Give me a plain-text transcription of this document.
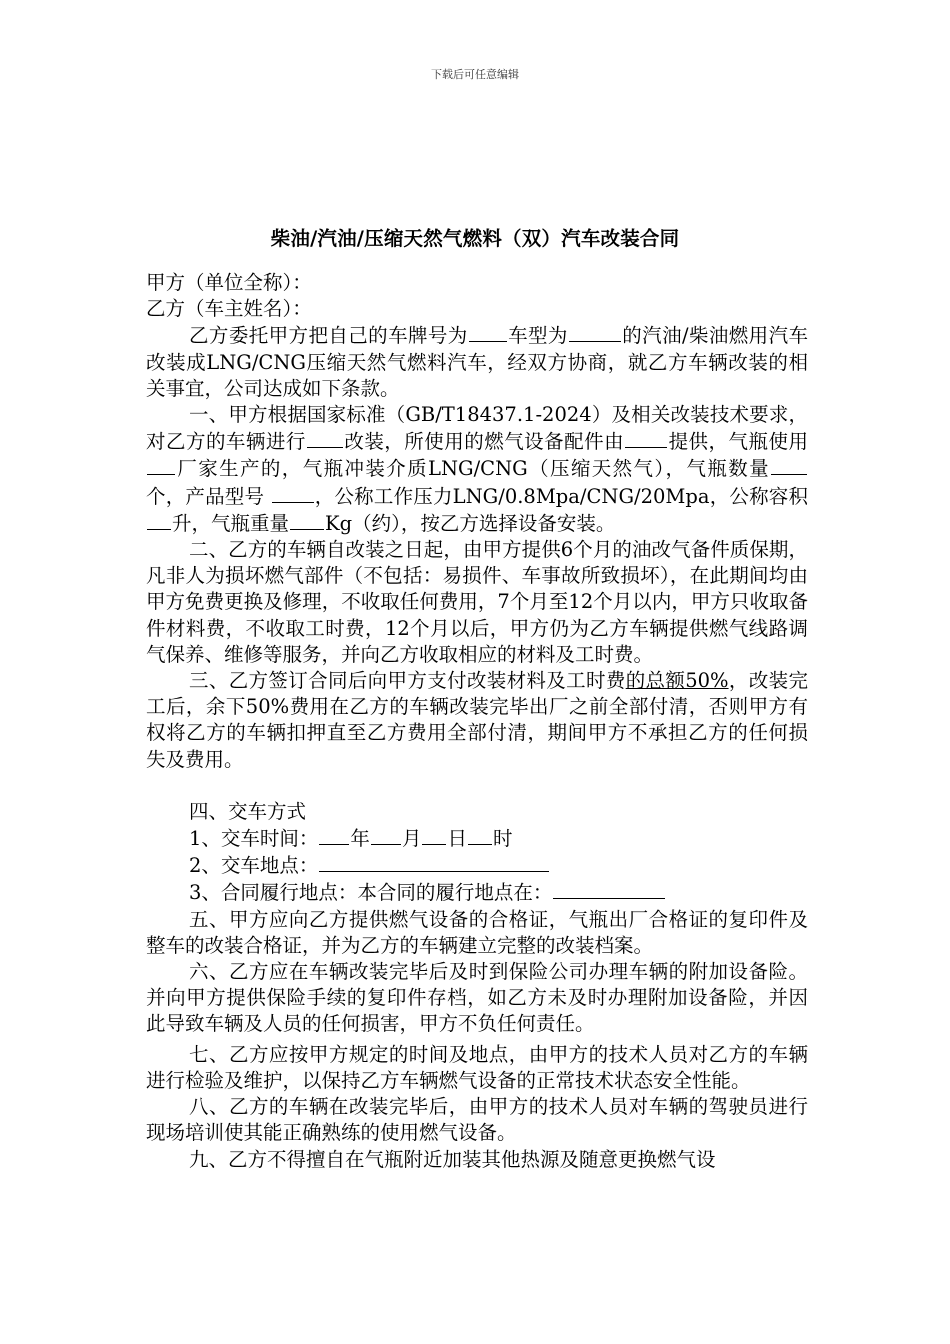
下载后可任意编辑
柴油/汽油/压缩天然气燃料（双）汽车改装合同

甲方（单位全称）：

乙方（车主姓名）：

乙方委托甲方把自己的车牌号为 车型为	的汽油/柴油燃用汽车改装成LNG/CNG压缩天然气燃料汽车，经双方协商，就乙方车辆改装的相关事宜，公司达成如下条款。

一、甲方根据国家标准（GB/T18437.1-2024）及相关改装技术要求，对乙方的车辆进行 改装，所使用的燃气设备配件由 提供，气瓶使用厂家生产的，气瓶冲装介质LNG/CNG（压缩天然气），气瓶数量个，产品型号	，公称工作压力LNG/0.8Mpa/CNG/20Mpa，公称容积升，气瓶重量 Kg（约），按乙方选择设备安装。

二、乙方的车辆自改装之日起，由甲方提供6个月的油改气备件质保期，凡非人为损坏燃气部件（不包括：易损件、车事故所致损坏），在此期间均由甲方免费更换及修理，不收取任何费用，7个月至12个月以内，甲方只收取备件材料费，不收取工时费，12个月以后，甲方仍为乙方车辆提供燃气线路调气保养、维修等服务，并向乙方收取相应的材料及工时费。

三、乙方签订合同后向甲方支付改装材料及工时费的总额50%，改装完工后，余下50%费用在乙方的车辆改装完毕出厂之前全部付清，否则甲方有权将乙方的车辆扣押直至乙方费用全部付清，期间甲方不承担乙方的任何损失及费用。

四、交车方式

1、交车时间： 年 月 日 时

2、交车地点：

3、合同履行地点：本合同的履行地点在：

五、甲方应向乙方提供燃气设备的合格证，气瓶出厂合格证的复印件及整车的改装合格证，并为乙方的车辆建立完整的改装档案。

六、乙方应在车辆改装完毕后及时到保险公司办理车辆的附加设备险。并向甲方提供保险手续的复印件存档，如乙方未及时办理附加设备险，并因此导致车辆及人员的任何损害，甲方不负任何责任。

七、乙方应按甲方规定的时间及地点，由甲方的技术人员对乙方的车辆进行检验及维护，以保持乙方车辆燃气设备的正常技术状态安全性能。

八、乙方的车辆在改装完毕后，由甲方的技术人员对车辆的驾驶员进行现场培训使其能正确熟练的使用燃气设备。

九、乙方不得擅自在气瓶附近加装其他热源及随意更换燃气设
